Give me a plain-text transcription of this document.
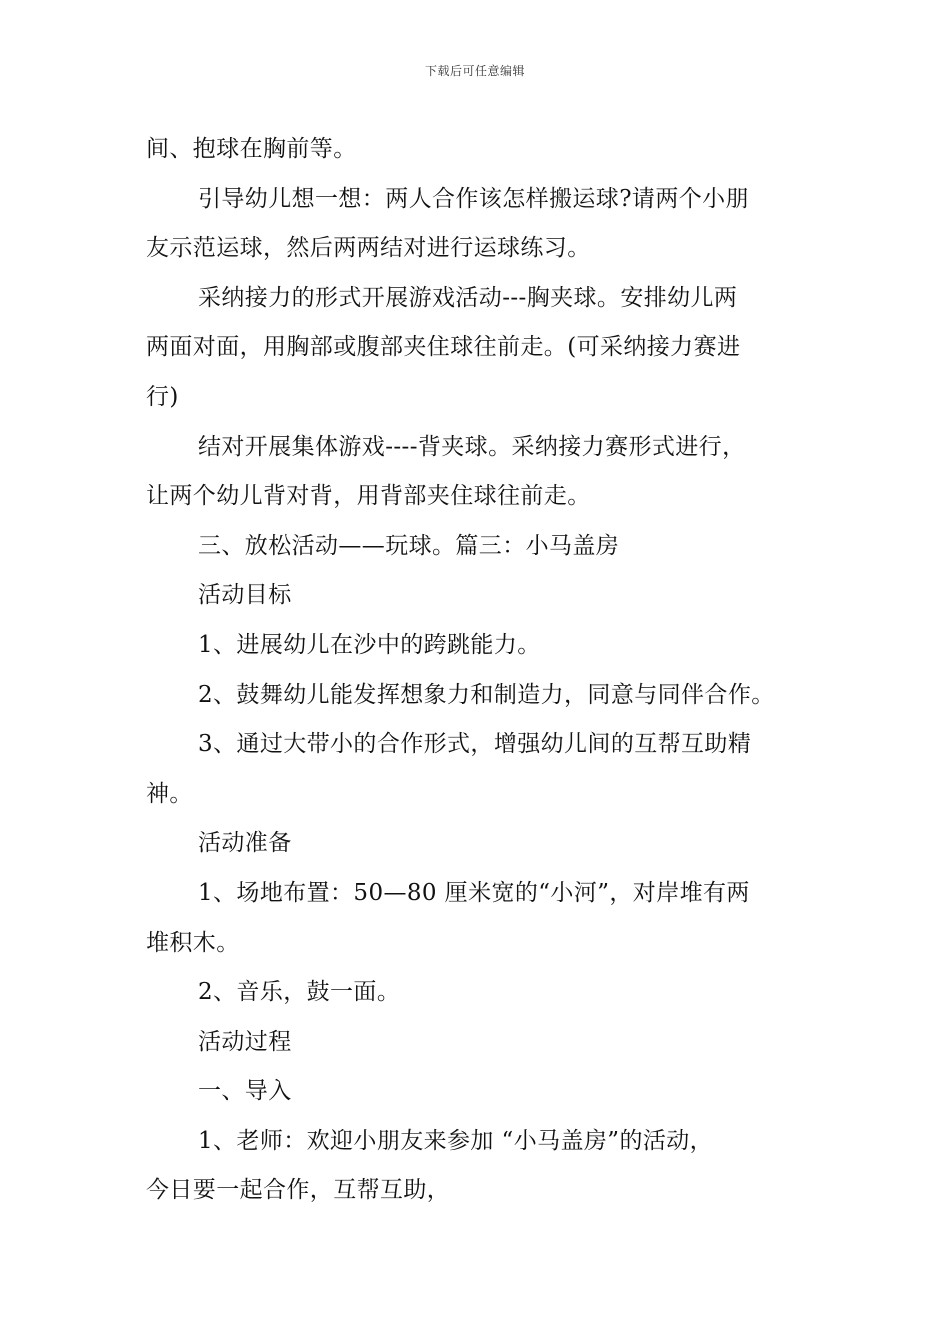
下载后可任意编辑

间、抱球在胸前等。

引导幼儿想一想：两人合作该怎样搬运球?请两个小朋

友示范运球，然后两两结对进行运球练习。

采纳接力的形式开展游戏活动---胸夹球。安排幼儿两

两面对面，用胸部或腹部夹住球往前走。(可采纳接力赛进

行)

结对开展集体游戏----背夹球。采纳接力赛形式进行，

让两个幼儿背对背，用背部夹住球往前走。

三、放松活动——玩球。篇三：小马盖房

活动目标

1、进展幼儿在沙中的跨跳能力。

2、鼓舞幼儿能发挥想象力和制造力，同意与同伴合作。

3、通过大带小的合作形式，增强幼儿间的互帮互助精

神。

活动准备

1、场地布置：50—80 厘米宽的“小河”，对岸堆有两

堆积木。

2、音乐，鼓一面。

活动过程

一、导入

1、老师：欢迎小朋友来参加 “小马盖房”的活动，

今日要一起合作，互帮互助，
